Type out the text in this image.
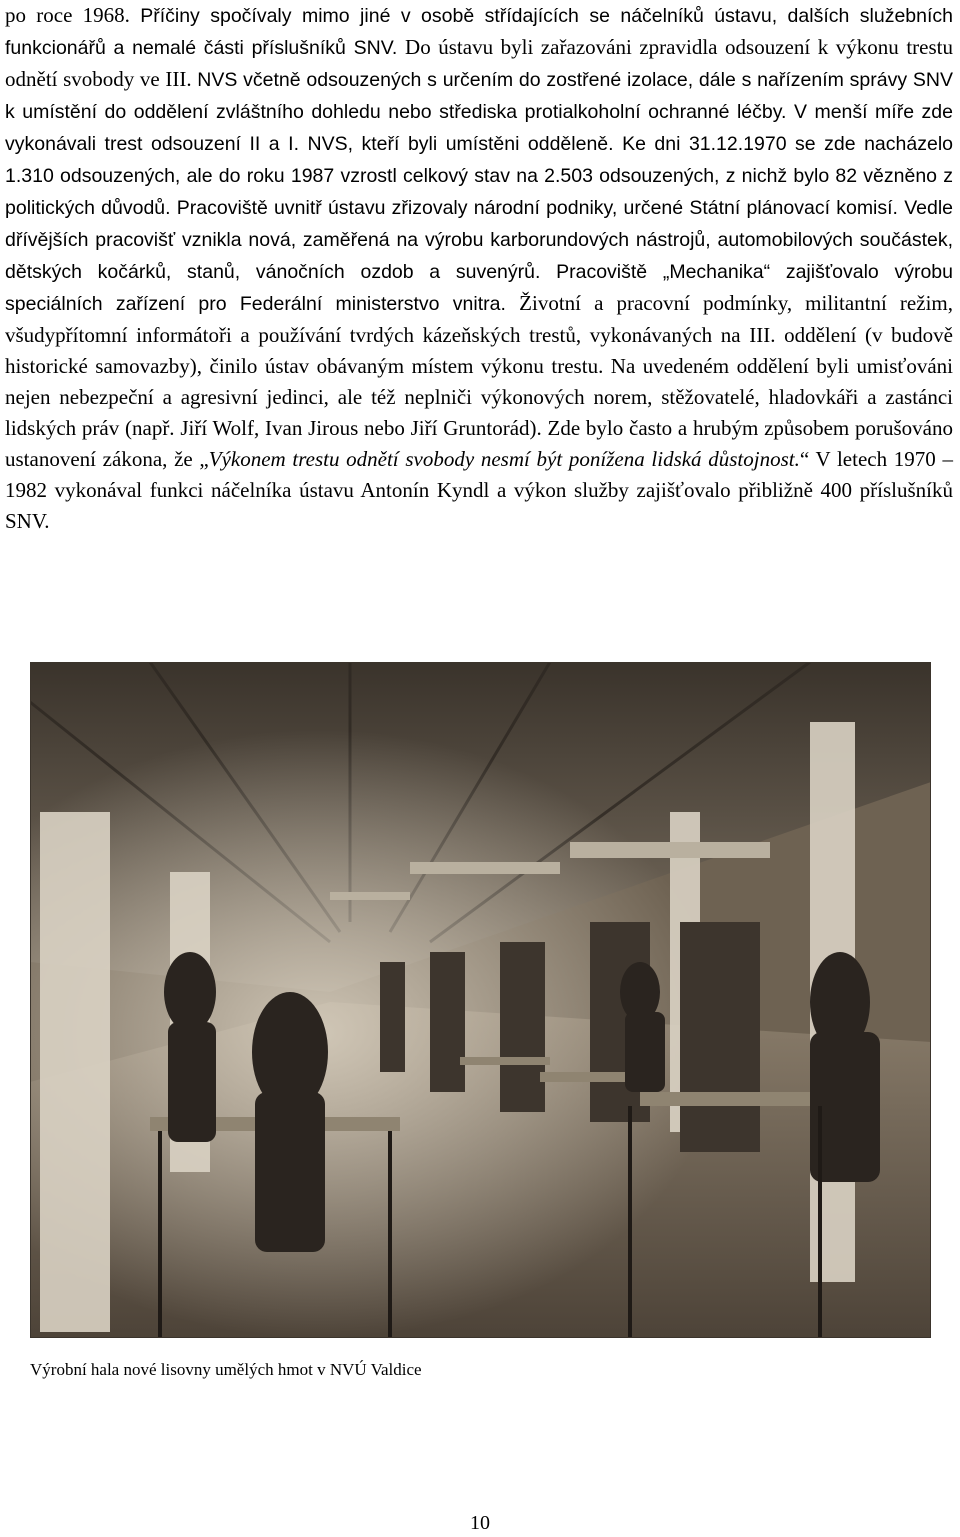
po roce 1968. Příčiny spočívaly mimo jiné v osobě střídajících se náčelníků ústavu, dalších služebních funkcionářů a nemalé části příslušníků SNV. Do ústavu byli zařazováni zpravidla odsouzení k výkonu trestu odnětí svobody ve III. NVS včetně odsouzených s určením do zostřené izolace, dále s nařízením správy SNV k umístění do oddělení zvláštního dohledu nebo střediska protialkoholní ochranné léčby. V menší míře zde vykonávali trest odsouzení II a I. NVS, kteří byli umístěni odděleně. Ke dni 31.12.1970 se zde nacházelo 1.310 odsouzených, ale do roku 1987 vzrostl celkový stav na 2.503 odsouzených, z nichž bylo 82 vězněno z politických důvodů. Pracoviště uvnitř ústavu zřizovaly národní podniky, určené Státní plánovací komisí. Vedle dřívějších pracovišť vznikla nová, zaměřená na výrobu karborundových nástrojů, automobilových součástek, dětských kočárků, stanů, vánočních ozdob a suvenýrů. Pracoviště „Mechanika“ zajišťovalo výrobu speciálních zařízení pro Federální ministerstvo vnitra. Životní a pracovní podmínky, militantní režim, všudypřítomní informátoři a používání tvrdých kázeňských trestů, vykonávaných na III. oddělení (v budově historické samovazby), činilo ústav obávaným místem výkonu trestu. Na uvedeném oddělení byli umisťováni nejen nebezpeční a agresivní jedinci, ale též neplniči výkonových norem, stěžovatelé, hladovkáři a zastánci lidských práv (např. Jiří Wolf, Ivan Jirous nebo Jiří Gruntorád). Zde bylo často a hrubým způsobem porušováno ustanovení zákona, že „Výkonem trestu odnětí svobody nesmí být ponížena lidská důstojnost.“ V letech 1970 – 1982 vykonával funkci náčelníka ústavu Antonín Kyndl a výkon služby zajišťovalo přibližně 400 příslušníků SNV.

Výrobní hala nové lisovny umělých hmot v NVÚ Valdice
10
